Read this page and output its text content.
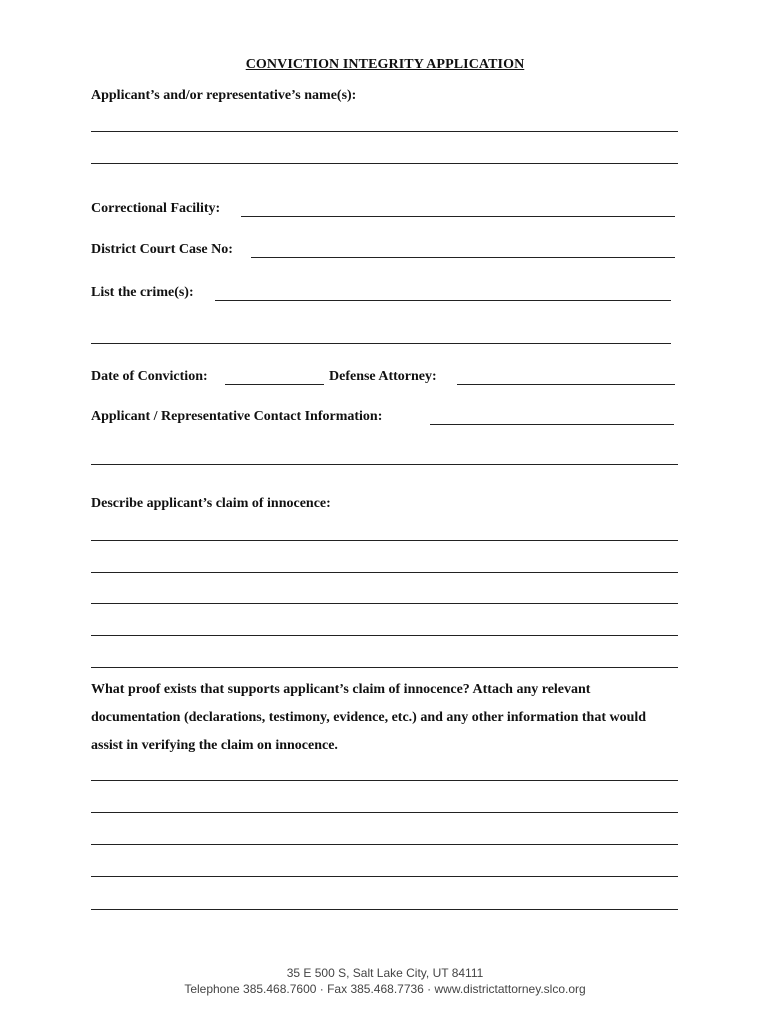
CONVICTION INTEGRITY APPLICATION
Applicant’s and/or representative’s name(s):
Correctional Facility:
District Court Case No:
List the crime(s):
Date of Conviction:	Defense Attorney:
Applicant / Representative Contact Information:
Describe applicant’s claim of innocence:
What proof exists that supports applicant’s claim of innocence? Attach any relevant documentation (declarations, testimony, evidence, etc.) and any other information that would assist in verifying the claim on innocence.
35 E 500 S, Salt Lake City, UT 84111
Telephone 385.468.7600 · Fax 385.468.7736 · www.districtattorney.slco.org
